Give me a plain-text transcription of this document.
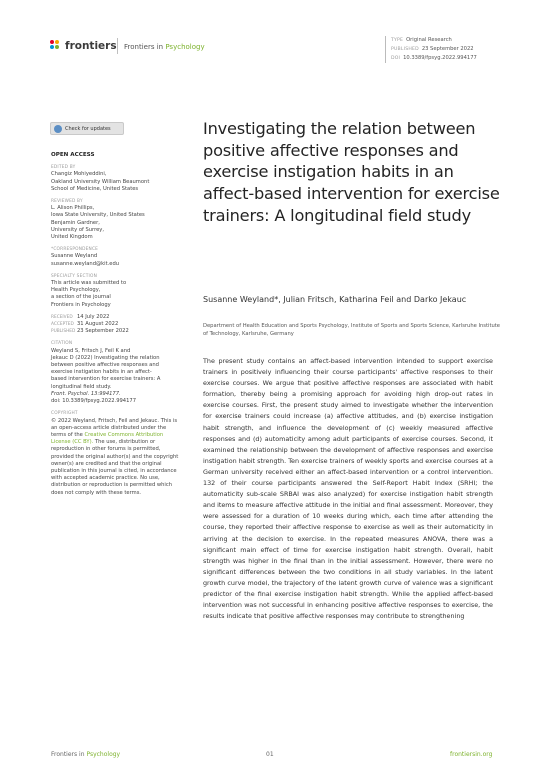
frontiers Frontiers in Psychology
TYPE Original Research
PUBLISHED 23 September 2022
DOI 10.3389/fpsyg.2022.994177
Check for updates
OPEN ACCESS
EDITED BY
Changiz Mohiyeddini,
Oakland University William Beaumont
School of Medicine, United States
REVIEWED BY
L. Alison Phillips,
Iowa State University, United States
Benjamin Gardner,
University of Surrey,
United Kingdom
*CORRESPONDENCE
Susanne Weyland
susanne.weyland@kit.edu
SPECIALTY SECTION
This article was submitted to
Health Psychology,
a section of the journal
Frontiers in Psychology
RECEIVED 14 July 2022
ACCEPTED 31 August 2022
PUBLISHED 23 September 2022
CITATION
Weyland S, Fritsch J, Feil K and
Jekauc D (2022) Investigating the relation
between positive affective responses and
exercise instigation habits in an affect-
based intervention for exercise trainers: A
longitudinal field study.
Front. Psychol. 13:994177.
doi: 10.3389/fpsyg.2022.994177
COPYRIGHT
© 2022 Weyland, Fritsch, Feil and Jekauc. This is an open-access article distributed under the terms of the Creative Commons Attribution License (CC BY). The use, distribution or reproduction in other forums is permitted, provided the original author(s) and the copyright owner(s) are credited and that the original publication in this journal is cited, in accordance with accepted academic practice. No use, distribution or reproduction is permitted which does not comply with these terms.
Investigating the relation between positive affective responses and exercise instigation habits in an affect-based intervention for exercise trainers: A longitudinal field study
Susanne Weyland*, Julian Fritsch, Katharina Feil and Darko Jekauc
Department of Health Education and Sports Psychology, Institute of Sports and Sports Science, Karlsruhe Institute of Technology, Karlsruhe, Germany
The present study contains an affect-based intervention intended to support exercise trainers in positively influencing their course participants' affective responses to their exercise courses. We argue that positive affective responses are associated with habit formation, thereby being a promising approach for avoiding high drop-out rates in exercise courses. First, the present study aimed to investigate whether the intervention for exercise trainers could increase (a) affective attitudes, and (b) exercise instigation habit strength, and influence the development of (c) weekly measured affective responses and (d) automaticity among adult participants of exercise courses. Second, it examined the relationship between the development of affective responses and exercise instigation habit strength. Ten exercise trainers of weekly sports and exercise courses at a German university received either an affect-based intervention or a control intervention. 132 of their course participants answered the Self-Report Habit Index (SRHI; the automaticity sub-scale SRBAI was also analyzed) for exercise instigation habit strength and items to measure affective attitude in the initial and final assessment. Moreover, they were assessed for a duration of 10 weeks during which, each time after attending the course, they reported their affective response to exercise as well as their automaticity in arriving at the decision to exercise. In the repeated measures ANOVA, there was a significant main effect of time for exercise instigation habit strength. Overall, habit strength was higher in the final than in the initial assessment. However, there were no significant differences between the two conditions in all study variables. In the latent growth curve model, the trajectory of the latent growth curve of valence was a significant predictor of the final exercise instigation habit strength. While the applied affect-based intervention was not successful in enhancing positive affective responses to exercise, the results indicate that positive affective responses may contribute to strengthening
Frontiers in Psychology	01	frontiersin.org
